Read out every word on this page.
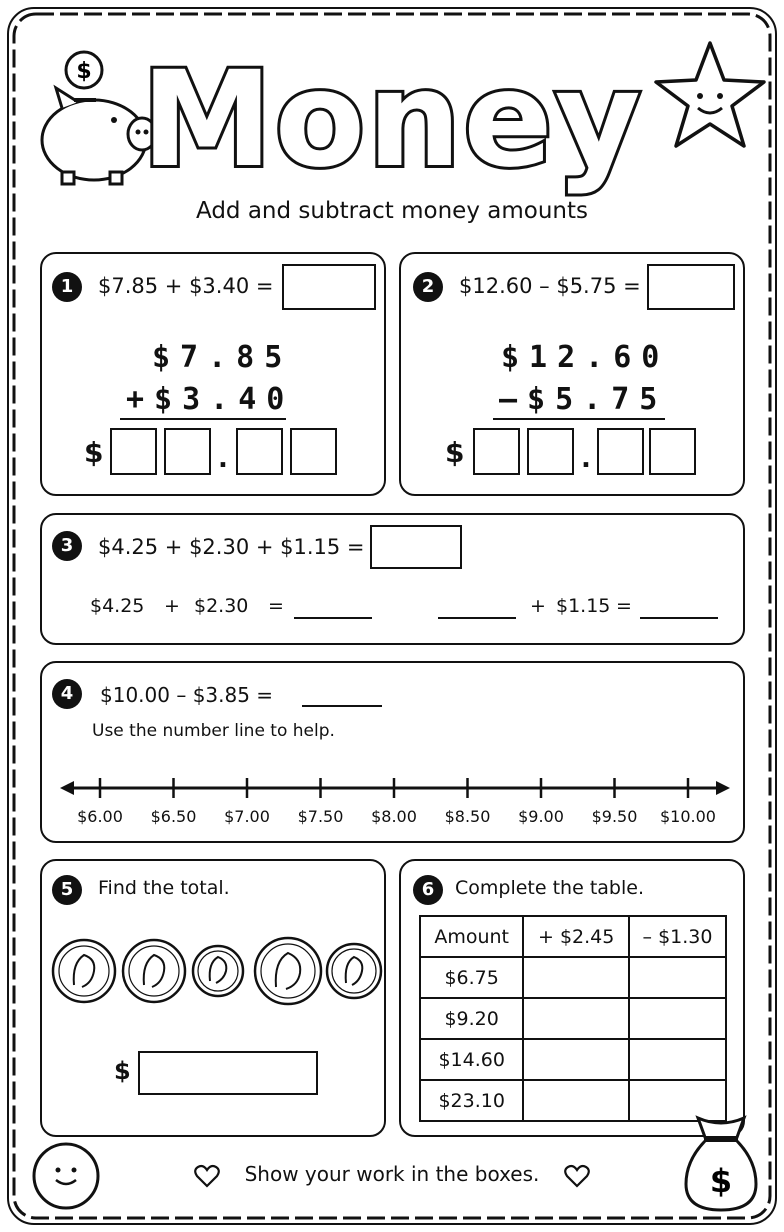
$ Money
Add and subtract money amounts
1	$7.85 + $3.40 =
$7.85
+$3.40
$	.
2	$12.60 – $5.75 =
$12.60
–$5.75
$	.
3	$4.25 + $2.30 + $1.15 =
$4.25 + $2.30 =	+ $1.15 =
4	$10.00 – $3.85 =
Use the number line to help.
$6.00	$6.50	$7.00	$7.50	$8.00	$8.50	$9.00	$9.50	$10.00
5	Find the total.
$
6	Complete the table.
Amount	+ $2.45	– $1.30
$6.75		
$9.20		
$14.60		
$23.10		
Show your work in the boxes.	$
